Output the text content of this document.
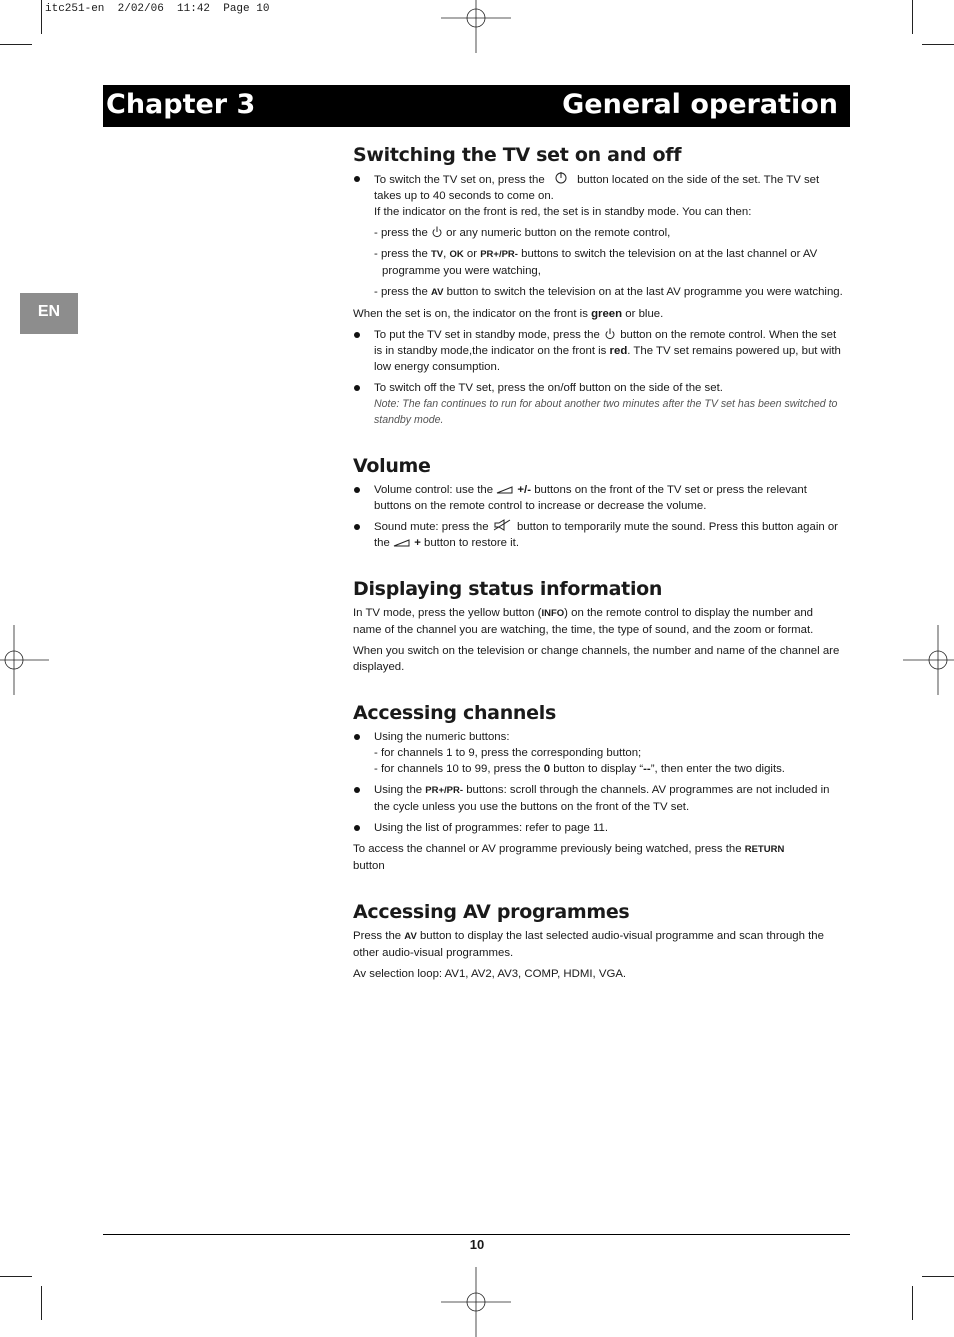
itc251-en  2/02/06  11:42  Page 10
Chapter 3	General operation
EN
Switching the TV set on and off
To switch the TV set on, press the	button located on the side of the set. The TV set takes up to 40 seconds to come on.
If the indicator on the front is red, the set is in standby mode. You can then:
- press the or any numeric button on the remote control,
- press the TV, OK or PR+/PR- buttons to switch the television on at the last channel or AV programme you were watching,
- press the AV button to switch the television on at the last AV programme you were watching.

When the set is on, the indicator on the front is green or blue.

To put the TV set in standby mode, press the button on the remote control. When the set is in standby mode,the indicator on the front is red. The TV set remains powered up, but with low energy consumption.
To switch off the TV set, press the on/off button on the side of the set.
Note: The fan continues to run for about another two minutes after the TV set has been switched to standby mode.
Volume
Volume control: use the +/- buttons on the front of the TV set or press the relevant buttons on the remote control to increase or decrease the volume.
Sound mute: press the button to temporarily mute the sound. Press this button again or the + button to restore it.
Displaying status information

In TV mode, press the yellow button (INFO) on the remote control to display the number and name of the channel you are watching, the time, the type of sound, and the zoom or format.

When you switch on the television or change channels, the number and name of the channel are displayed.

Accessing channels
Using the numeric buttons:
- for channels 1 to 9, press the corresponding button;
- for channels 10 to 99, press the 0 button to display “--”, then enter the two digits.
Using the PR+/PR- buttons: scroll through the channels. AV programmes are not included in the cycle unless you use the buttons on the front of the TV set.
Using the list of programmes: refer to page 11.

To access the channel or AV programme previously being watched, press the RETURN
button

Accessing AV programmes

Press the AV button to display the last selected audio-visual programme and scan through the other audio-visual programmes.

Av selection loop: AV1, AV2, AV3, COMP, HDMI, VGA.

10
